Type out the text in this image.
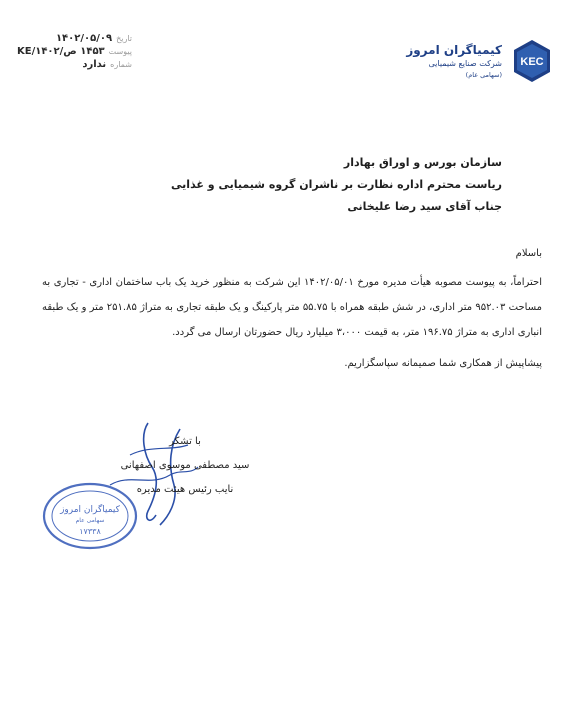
تاریخ
۱۴۰۲/۰۵/۰۹
پیوست
۱۴۵۳ ص/KE/۱۴۰۲
شماره
ندارد	KEC
کیمیاگران امروز
شرکت صنایع شیمیایی
(سهامی عام)
سازمان بورس و اوراق بهادار
ریاست محترم اداره نظارت بر ناشران گروه شیمیایی و غذایی
جناب آقای سید رضا علیخانی
باسلام
احتراماً، به پیوست مصوبه هیأت مدیره مورخ ۱۴۰۲/۰۵/۰۱ این شرکت به منظور خرید یک باب ساختمان اداری - تجاری به مساحت ۹۵۲.۰۳ متر اداری، در شش طبقه همراه با ۵۵.۷۵ متر پارکینگ و یک طبقه تجاری به متراژ ۲۵۱.۸۵ متر و یک طبقه انباری اداری به متراژ ۱۹۶.۷۵ متر، به قیمت ۳،۰۰۰ میلیارد ریال حضورتان ارسال می گردد.
پیشاپیش از همکاری شما صمیمانه سپاسگزاریم.
با تشکر
سید مصطفی موسوی اصفهانی
نایب رئیس هیئت مدیره
کیمیاگران امروز
سهامی عام
۱۷۳۳۸
